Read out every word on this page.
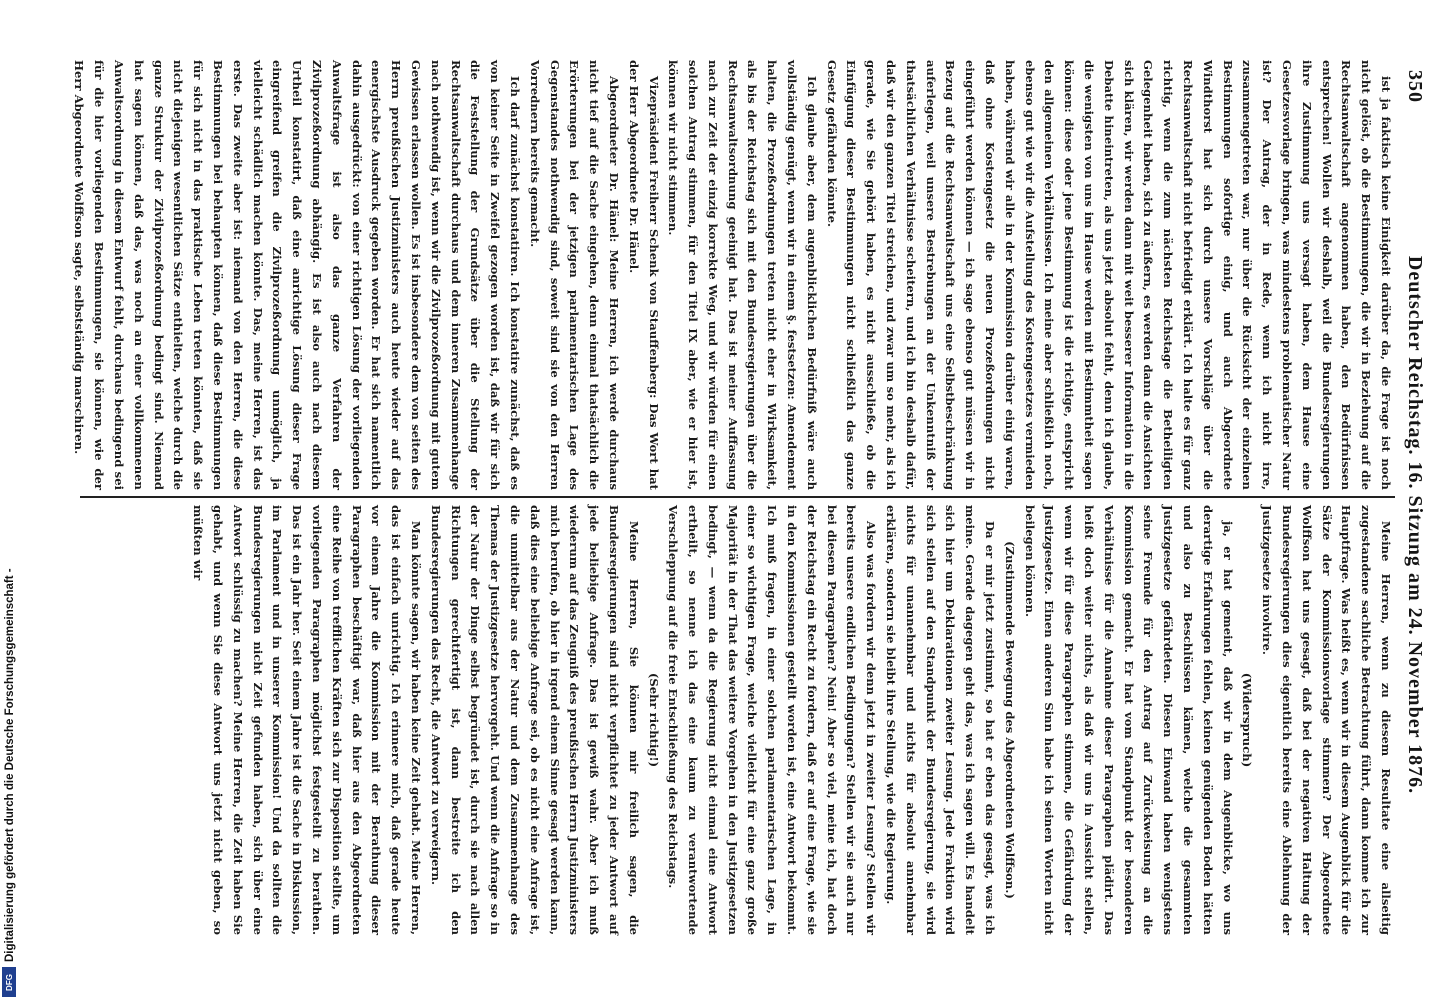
350
Deutscher Reichstag. 16. Sitzung am 24. November 1876.

ist ja faktisch keine Einigkeit darüber da, die Frage ist noch nicht gelöst, ob die Bestimmungen, die wir in Beziehung auf die Rechtsanwaltschaft angenommen haben, den Bedürfnissen entsprechen! Wollen wir deshalb, weil die Bundesregierungen ihre Zustimmung uns versagt haben, dem Hause eine Gesetzesvorlage bringen, was mindestens problematischer Natur ist? Der Antrag, der in Rede, wenn ich nicht irre, zusammengetreten war, nur über die Rücksicht der einzelnen Bestimmungen sofortige einig, und auch Abgeordnete Windthorst hat sich durch unsere Vorschläge über die Rechtsanwaltschaft nicht befriedigt erklärt. Ich halte es für ganz richtig, wenn die zum nächsten Reichstage die Betheiligten Gelegenheit haben, sich zu äußern, es werden dann die Ansichten sich klären, wir werden dann mit weit besserer Information in die Debatte hineintreten, als uns jetzt absolut fehlt, denn ich glaube, die wenigsten von uns im Hause werden mit Bestimmtheit sagen können: diese oder jene Bestimmung ist die richtige, entspricht den allgemeinen Verhältnissen. Ich meine aber schließlich noch, ebenso gut wie wir die Aufstellung des Kostengesetzes vermieden haben, während wir alle in der Kommission darüber einig waren, daß ohne Kostengesetz die neuen Prozeßordnungen nicht eingeführt werden können — ich sage ebenso gut müssen wir in Bezug auf die Rechtsanwaltschaft uns eine Selbstbeschränkung auferlegen, weil unsere Bestrebungen an der Unkenntniß der thatsächlichen Verhältnisse scheitern, und ich bin deshalb dafür, daß wir den ganzen Titel streichen, und zwar um so mehr, als ich gerade, wie Sie gehört haben, es nicht ausschließe, ob die Einfügung dieser Bestimmungen nicht schließlich das ganze Gesetz gefährden könnte.

Ich glaube aber, dem augenblicklichen Bedürfniß wäre auch vollständig genügt, wenn wir in einem §. festsetzen: Amendement halten, die Prozeßordnungen treten nicht eher in Wirksamkeit, als bis der Reichstag sich mit den Bundesregierungen über die Rechtsanwaltsordnung geeinigt hat. Das ist meiner Auffassung nach zur Zeit der einzig korrekte Weg, und wir würden für einen solchen Antrag stimmen, für den Titel IX aber, wie er hier ist, können wir nicht stimmen.

Vizepräsident Freiherr Schenk von Stauffenberg: Das Wort hat der Herr Abgeordnete Dr. Hänel.

Abgeordneter Dr. Hänel: Meine Herren, ich werde durchaus nicht tief auf die Sache eingehen, denn einmal thatsächlich die Erörterungen bei der jetzigen parlamentarischen Lage des Gegenstandes nothwendig sind, soweit sind sie von den Herren Vorrednern bereits gemacht.

Ich darf zunächst konstatiren. Ich konstatire zunächst, daß es von keiner Seite in Zweifel gezogen worden ist, daß wir für sich die Feststellung der Grundsätze über die Stellung der Rechtsanwaltschaft durchaus und dem inneren Zusammenhange nach nothwendig ist, wenn wir die Zivilprozeßordnung mit gutem Gewissen erlassen wollen. Es ist insbesondere dem von seiten des Herrn preußischen Justizministers auch heute wieder auf das energischste Ausdruck gegeben worden. Er hat sich namentlich dahin ausgedrückt: von einer richtigen Lösung der vorliegenden Anwaltsfrage ist also das ganze Verfahren der Zivilprozeßordnung abhängig. Es ist also auch nach diesem Urtheil konstatirt, daß eine anrichtige Lösung dieser Frage eingreifend greifen die Zivilprozeßordnung unmöglich, ja vielleicht schädlich machen könnte. Das, meine Herren, ist das erste. Das zweite aber ist: niemand von den Herren, die diese Bestimmungen bei behaupten können, daß diese Bestimmungen für sich nicht in das praktische Leben treten könnten, daß sie nicht diejenigen wesentlichen Sätze enthielten, welche durch die ganze Struktur der Zivilprozeßordnung bedingt sind. Niemand hat sagen können, daß das, was noch an einer vollkommenen Anwaltsordnung in diesem Entwurf fehlt, durchaus bedingend sei für die hier vorliegenden Bestimmungen, sie können, wie der Herr Abgeordnete Wolffson sagte, selbstständig marschiren.

Meine Herren, wenn zu diesem Resultate eine allseitig zugestandene sachliche Betrachtung führt, dann komme ich zur Hauptfrage. Was heißt es, wenn wir in diesem Augenblick für die Sätze der Kommissionsvorlage stimmen? Der Abgeordnete Wolffson hat uns gesagt, daß bei der negativen Haltung der Bundesregierungen dies eigentlich bereits eine Ablehnung der Justizgesetze involvire.

(Widerspruch)

ja, er hat gemeint, daß wir in dem Augenblicke, wo uns derartige Erfahrungen fehlen, keinen genügenden Boden hätten und also zu Beschlüssen kämen, welche die gesammten Justizgesetze gefährdeten. Diesen Einwand haben wenigstens seine Freunde für den Antrag auf Zurückweisung an die Kommission gemacht. Er hat vom Standpunkt der besonderen Verhältnisse für die Annahme dieser Paragraphen plädirt. Das heißt doch weiter nichts, als daß wir uns in Aussicht stellen, wenn wir für diese Paragraphen stimmen, die Gefährdung der Justizgesetze. Einen anderen Sinn habe ich seinen Worten nicht beilegen können.

(Zustimmende Bewegung des Abgeordneten Wolffson.)

Da er mir jetzt zustimmt, so hat er eben das gesagt, was ich meine. Gerade dagegen geht das, was ich sagen will. Es handelt sich hier um Deklarationen zweiter Lesung. Jede Fraktion wird sich stellen auf den Standpunkt der Bundesregierung, sie wird nichts für unannehmbar und nichts für absolut annehmbar erklären, sondern sie bleibt ihre Stellung, wie die Regierung.

Also was fordern wir denn jetzt in zweiter Lesung? Stellen wir bereits unsere endlichen Bedingungen? Stellen wir sie auch nur bei diesem Paragraphen? Nein! Aber so viel, meine ich, hat doch der Reichstag ein Recht zu fordern, daß er auf eine Frage, wie sie in den Kommissionen gestellt worden ist, eine Antwort bekommt. Ich muß fragen, in einer solchen parlamentarischen Lage, in einer so wichtigen Frage, welche vielleicht für eine ganz große Majorität in der That das weitere Vorgehen in den Justizgesetzen bedingt, — wenn da die Regierung nicht einmal eine Antwort ertheilt, so nenne ich das eine kaum zu verantwortende Verschleppung auf die freie Entschließung des Reichstags.

(Sehr richtig!)

Meine Herren, Sie können mir freilich sagen, die Bundesregierungen sind nicht verpflichtet zu jeder Antwort auf jede beliebige Anfrage. Das ist gewiß wahr. Aber ich muß wiederum auf das Zeugniß des preußischen Herrn Justizministers mich berufen, ob hier in irgend einem Sinne gesagt werden kann, daß dies eine beliebige Anfrage sei, ob es nicht eine Anfrage ist, die unmittelbar aus der Natur und dem Zusammenhange des Themas der Justizgesetze hervorgeht. Und wenn die Anfrage so in der Natur der Dinge selbst begründet ist, durch sie nach allen Richtungen gerechtfertigt ist, dann bestreite ich den Bundesregierungen das Recht, die Antwort zu verweigern.

Man könnte sagen, wir haben keine Zeit gehabt. Meine Herren, das ist einfach unrichtig. Ich erinnere mich, daß gerade heute vor einem Jahre die Kommission mit der Berathung dieser Paragraphen beschäftigt war, daß hier aus den Abgeordneten eine Reihe von trefflichen Kräften sich zur Disposition stellte, um vorliegenden Paragraphen möglichst festgestellt zu berathen. Das ist ein Jahr her. Seit einem Jahre ist die Sache in Diskussion, im Parlament und in unserer Kommission! Und da sollten die Bundesregierungen nicht Zeit gefunden haben, sich über eine Antwort schlüssig zu machen? Meine Herren, die Zeit haben Sie gehabt, und wenn Sie diese Antwort uns jetzt nicht geben, so müßten wir

Digitalisierung gefördert durch die Deutsche Forschungsgemeinschaft -
DFG
